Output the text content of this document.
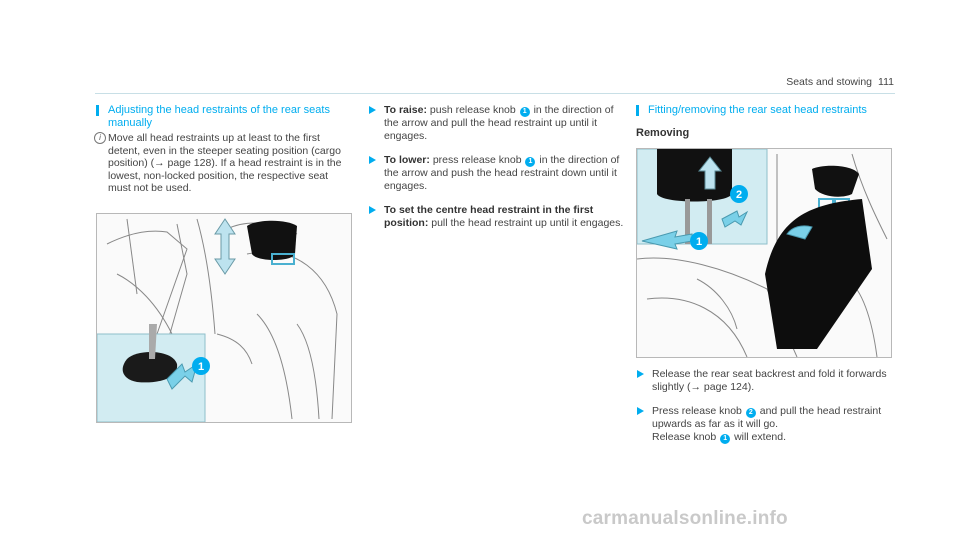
Seats and stowing 111
Adjusting the head restraints of the rear seats manually
i Move all head restraints up at least to the first detent, even in the steeper seating position (cargo position) (→ page 128). If a head restraint is in the lowest, non-locked position, the respective seat must not be used.
1
To raise: push release knob 1 in the direction of the arrow and pull the head restraint up until it engages.
To lower: press release knob 1 in the direction of the arrow and push the head restraint down until it engages.
To set the centre head restraint in the first position: pull the head restraint up until it engages.
Fitting/removing the rear seat head restraints
Removing
1
2
Release the rear seat backrest and fold it forwards slightly (→ page 124).
Press release knob 2 and pull the head restraint upwards as far as it will go.
Release knob 1 will extend.
carmanualsonline.info
